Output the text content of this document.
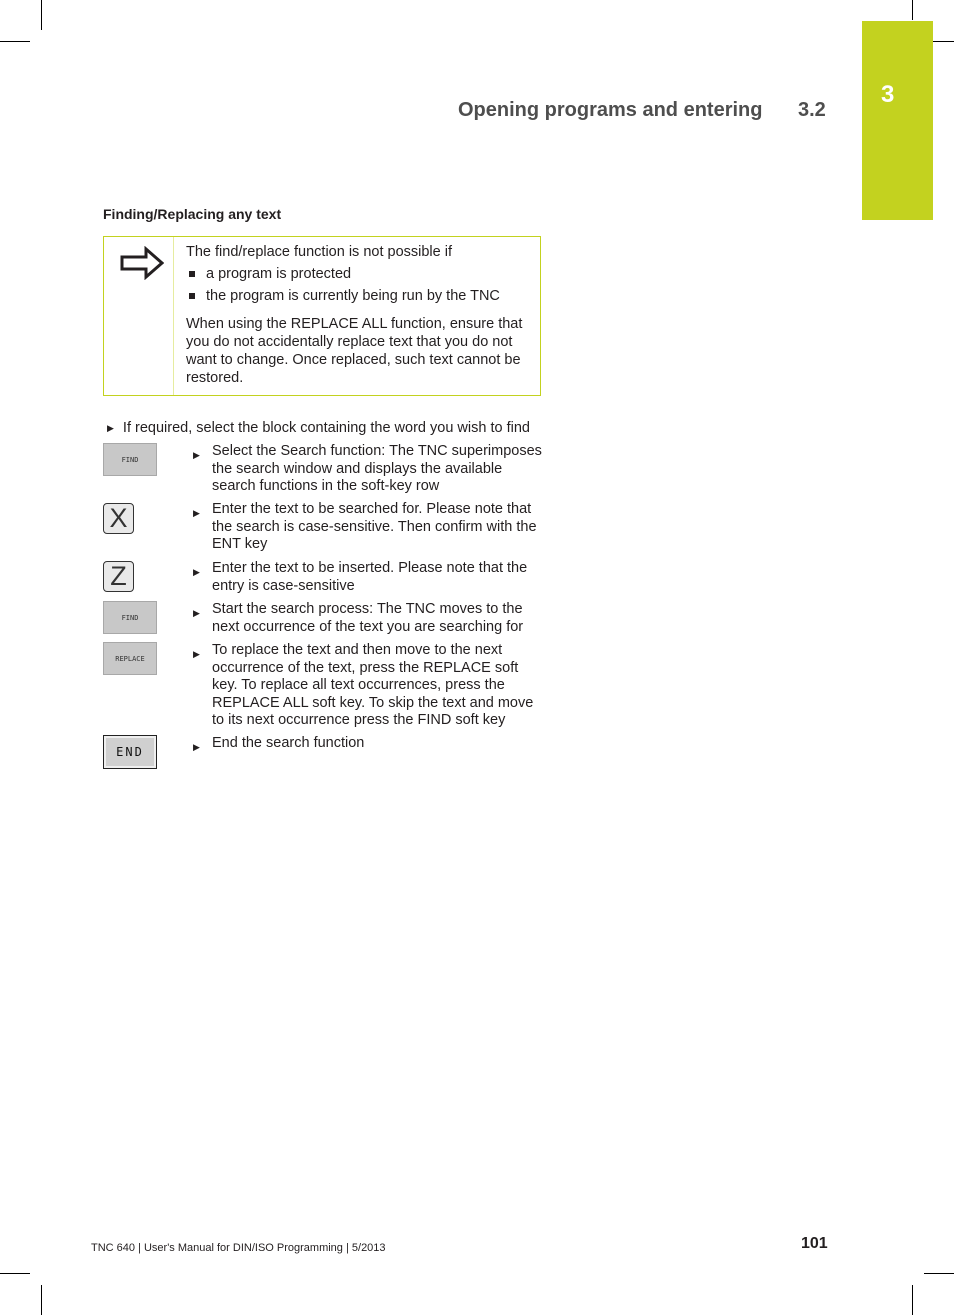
3
Opening programs and entering 3.2
Finding/Replacing any text

The find/replace function is not possible if

a program is protected
the program is currently being run by the TNC

When using the REPLACE ALL function, ensure that you do not accidentally replace text that you do not want to change. Once replaced, such text cannot be restored.

▶ If required, select the block containing the word you wish to find
FIND	▶ Select the Search function: The TNC superimposes the search window and displays the available search functions in the soft-key row
X	▶ Enter the text to be searched for. Please note that the search is case-sensitive. Then confirm with the ENT key
Z	▶ Enter the text to be inserted. Please note that the entry is case-sensitive
FIND	▶ Start the search process: The TNC moves to the next occurrence of the text you are searching for
REPLACE	▶ To replace the text and then move to the next occurrence of the text, press the REPLACE soft key. To replace all text occurrences, press the REPLACE ALL soft key. To skip the text and move to its next occurrence press the FIND soft key
END	▶ End the search function
TNC 640 | User's Manual for DIN/ISO Programming | 5/2013	101
